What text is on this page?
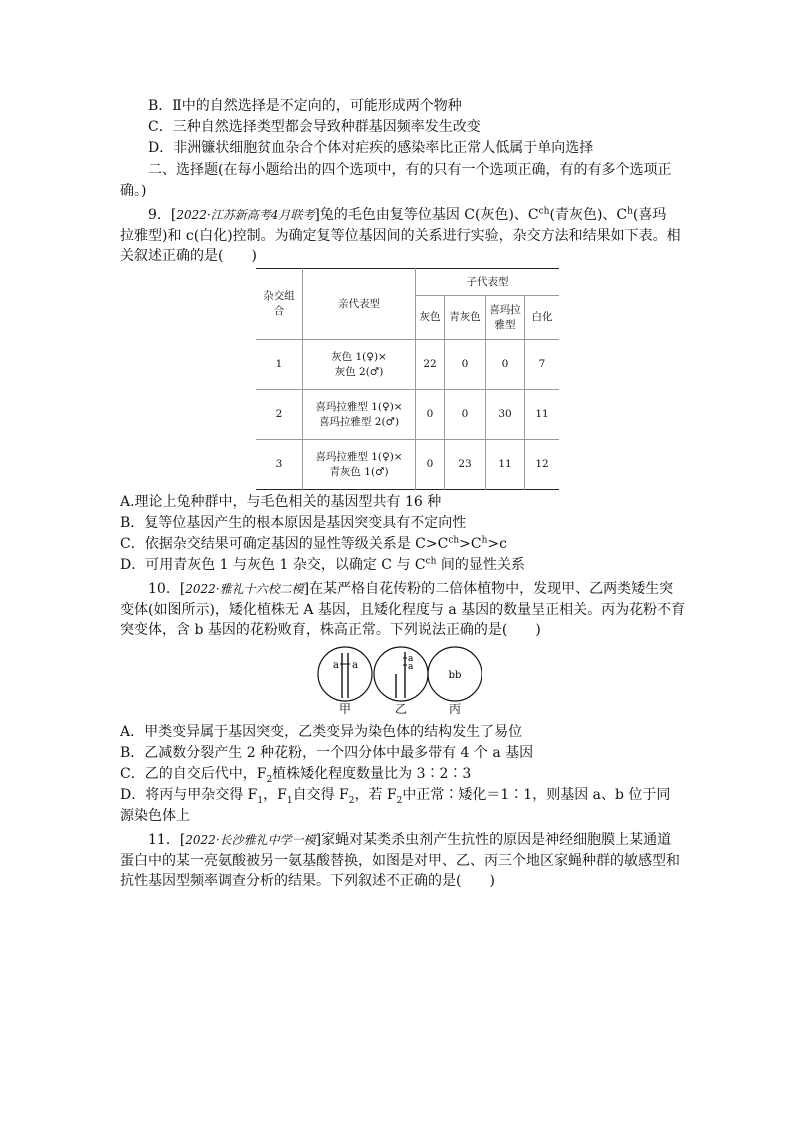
B．Ⅱ中的自然选择是不定向的，可能形成两个物种
C．三种自然选择类型都会导致种群基因频率发生改变
D．非洲镰状细胞贫血杂合个体对疟疾的感染率比正常人低属于单向选择
二、选择题(在每小题给出的四个选项中，有的只有一个选项正确，有的有多个选项正
确。)
9．[2022·江苏新高考4月联考]兔的毛色由复等位基因 C(灰色)、$C^{ch}$(青灰色)、$C^h$(喜玛
拉雅型)和 c(白化)控制。为确定复等位基因间的关系进行实验，杂交方法和结果如下表。相
关叙述正确的是(　　)
杂交组合	亲代表型	子代表型			
		灰色	青灰色	喜玛拉雅型	白化
1	灰色 1(♀)×
灰色 2(♂)	22	0	0	7
2	喜玛拉雅型 1(♀)×
喜玛拉雅型 2(♂)	0	0	30	11
3	喜玛拉雅型 1(♀)×
青灰色 1(♂)	0	23	11	12
A.理论上兔种群中，与毛色相关的基因型共有 16 种
B．复等位基因产生的根本原因是基因突变具有不定向性
C．依据杂交结果可确定基因的显性等级关系是 $C>C^{ch}>C^h>c$
D．可用青灰色 1 与灰色 1 杂交，以确定 C 与 $C^{ch}$ 间的显性关系
10．[2022·雅礼十六校二模]在某严格自花传粉的二倍体植物中，发现甲、乙两类矮生突
变体(如图所示)，矮化植株无 A 基因，且矮化程度与 a 基因的数量呈正相关。丙为花粉不育
突变体，含 b 基因的花粉败育，株高正常。下列说法正确的是(　　)
a a
a
a
bb
甲	乙	丙
A．甲类变异属于基因突变，乙类变异为染色体的结构发生了易位
B．乙减数分裂产生 2 种花粉，一个四分体中最多带有 4 个 a 基因
C．乙的自交后代中，$F_2$植株矮化程度数量比为 3∶2∶3
D．将丙与甲杂交得 $F_1$，$F_1$自交得 $F_2$，若 $F_2$中正常∶矮化＝1∶1，则基因 a、b 位于同
源染色体上
11．[2022·长沙雅礼中学一模]家蝇对某类杀虫剂产生抗性的原因是神经细胞膜上某通道
蛋白中的某一亮氨酸被另一氨基酸替换，如图是对甲、乙、丙三个地区家蝇种群的敏感型和
抗性基因型频率调查分析的结果。下列叙述不正确的是(　　)
